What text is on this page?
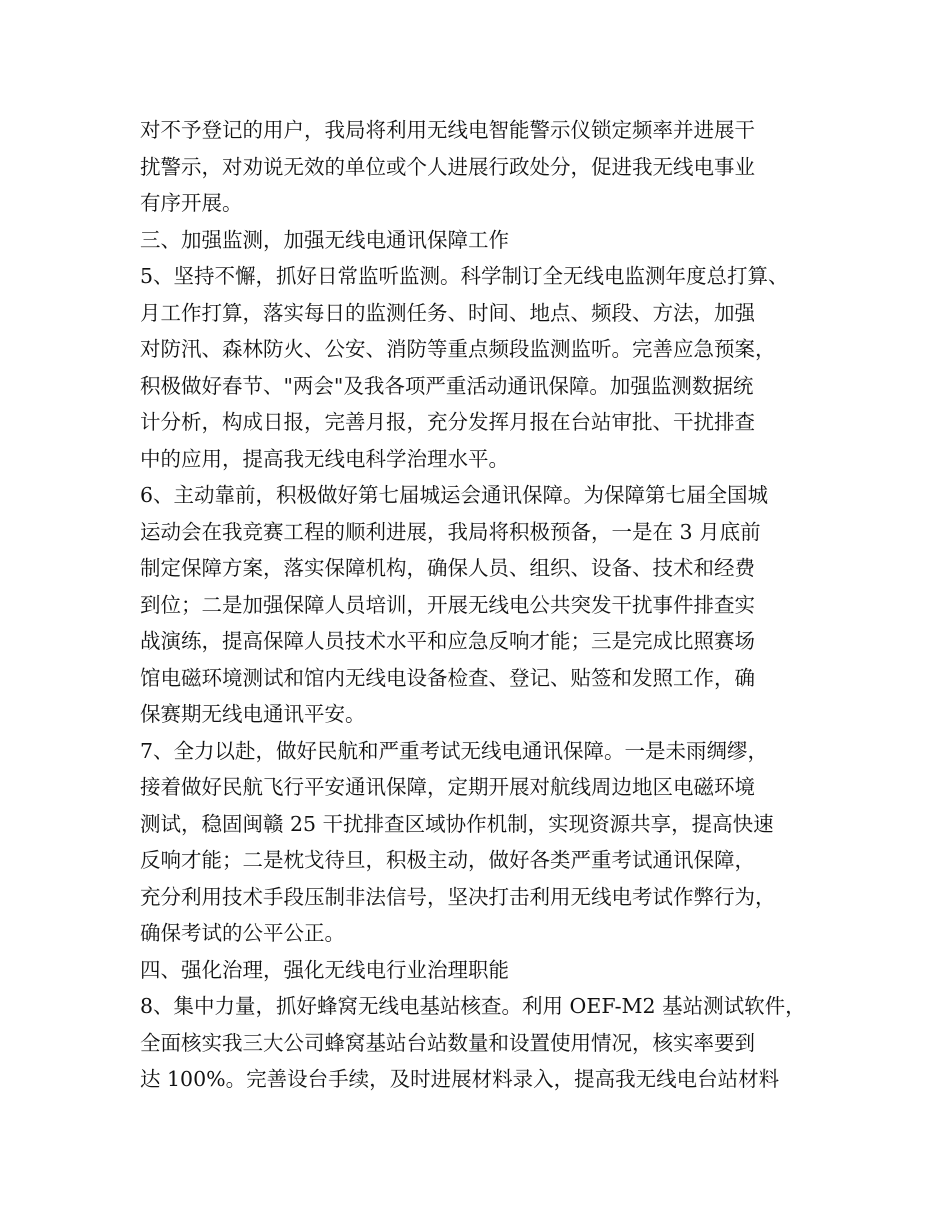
对不予登记的用户，我局将利用无线电智能警示仪锁定频率并进展干
扰警示，对劝说无效的单位或个人进展行政处分，促进我无线电事业
有序开展。
三、加强监测，加强无线电通讯保障工作
5、坚持不懈，抓好日常监听监测。科学制订全无线电监测年度总打算、
月工作打算，落实每日的监测任务、时间、地点、频段、方法，加强
对防汛、森林防火、公安、消防等重点频段监测监听。完善应急预案，
积极做好春节、"两会"及我各项严重活动通讯保障。加强监测数据统
计分析，构成日报，完善月报，充分发挥月报在台站审批、干扰排查
中的应用，提高我无线电科学治理水平。
6、主动靠前，积极做好第七届城运会通讯保障。为保障第七届全国城
运动会在我竞赛工程的顺利进展，我局将积极预备，一是在 3 月底前
制定保障方案，落实保障机构，确保人员、组织、设备、技术和经费
到位；二是加强保障人员培训，开展无线电公共突发干扰事件排查实
战演练，提高保障人员技术水平和应急反响才能；三是完成比照赛场
馆电磁环境测试和馆内无线电设备检查、登记、贴签和发照工作，确
保赛期无线电通讯平安。
7、全力以赴，做好民航和严重考试无线电通讯保障。一是未雨绸缪，
接着做好民航飞行平安通讯保障，定期开展对航线周边地区电磁环境
测试，稳固闽赣 25 干扰排查区域协作机制，实现资源共享，提高快速
反响才能；二是枕戈待旦，积极主动，做好各类严重考试通讯保障，
充分利用技术手段压制非法信号，坚决打击利用无线电考试作弊行为，
确保考试的公平公正。
四、强化治理，强化无线电行业治理职能
8、集中力量，抓好蜂窝无线电基站核查。利用 OEF-M2 基站测试软件，
全面核实我三大公司蜂窝基站台站数量和设置使用情况，核实率要到
达 100%。完善设台手续，及时进展材料录入，提高我无线电台站材料
